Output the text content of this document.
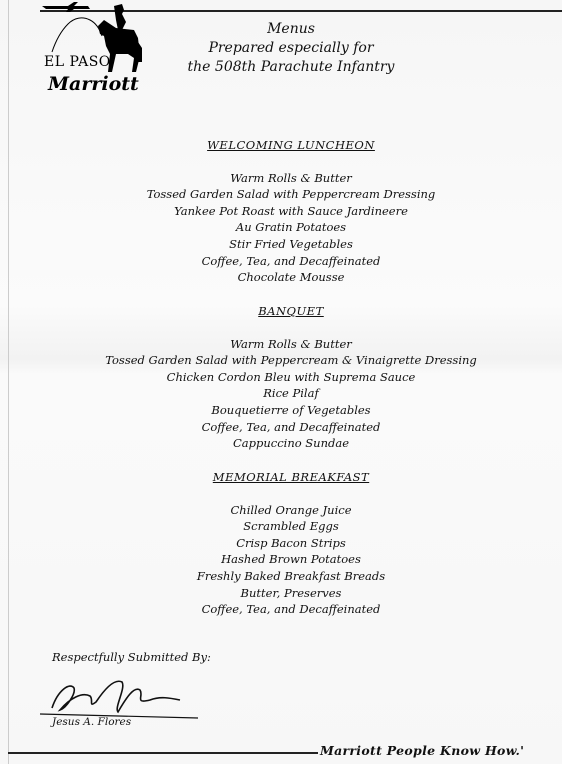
EL PASO
Marriott
Menus
Prepared especially for
the 508th Parachute Infantry
WELCOMING LUNCHEON
Warm Rolls & Butter
Tossed Garden Salad with Peppercream Dressing
Yankee Pot Roast with Sauce Jardineere
Au Gratin Potatoes
Stir Fried Vegetables
Coffee, Tea, and Decaffeinated
Chocolate Mousse
BANQUET
Warm Rolls & Butter
Tossed Garden Salad with Peppercream & Vinaigrette Dressing
Chicken Cordon Bleu with Suprema Sauce
Rice Pilaf
Bouquetierre of Vegetables
Coffee, Tea, and Decaffeinated
Cappuccino Sundae
MEMORIAL BREAKFAST
Chilled Orange Juice
Scrambled Eggs
Crisp Bacon Strips
Hashed Brown Potatoes
Freshly Baked Breakfast Breads
Butter, Preserves
Coffee, Tea, and Decaffeinated
Respectfully Submitted By:
Jesus A. Flores
Marriott People Know How.'
